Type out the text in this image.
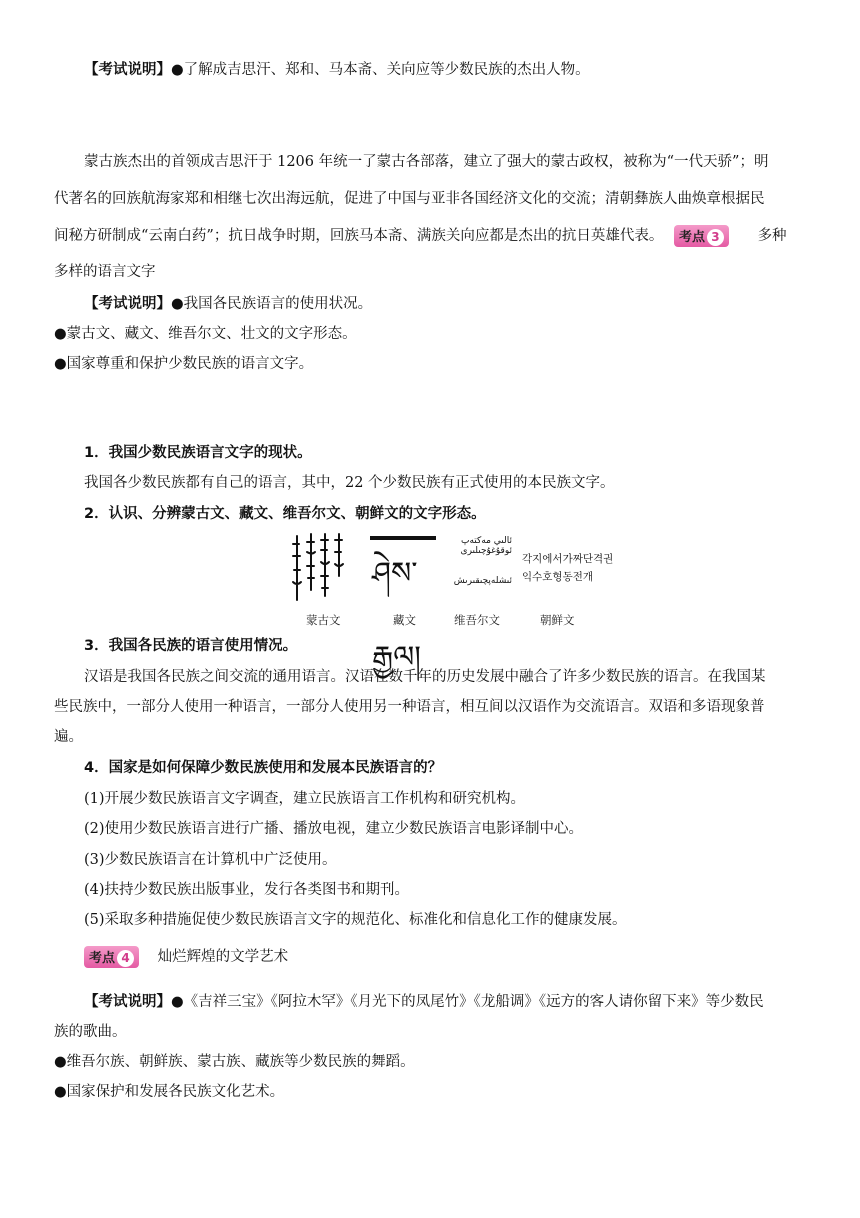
【考试说明】●了解成吉思汗、郑和、马本斋、关向应等少数民族的杰出人物。
蒙古族杰出的首领成吉思汗于 1206 年统一了蒙古各部落，建立了强大的蒙古政权，被称为“一代天骄”；明
代著名的回族航海家郑和相继七次出海远航，促进了中国与亚非各国经济文化的交流；清朝彝族人曲焕章根据民
间秘方研制成“云南白药”；抗日战争时期，回族马本斋、满族关向应都是杰出的抗日英雄代表。 考点 3	多种
多样的语言文字
【考试说明】●我国各民族语言的使用状况。
●蒙古文、藏文、维吾尔文、壮文的文字形态。
●国家尊重和保护少数民族的语言文字。
1．我国少数民族语言文字的现状。
我国各少数民族都有自己的语言，其中，22 个少数民族有正式使用的本民族文字。
2．认识、分辨蒙古文、藏文、维吾尔文、朝鲜文的文字形态。
蒙古文
ཤེས་རྒྱལ།
藏文
ئالىي مەكتەپ ئوقۇغۇچىلىرى
ئىشلەپچىقىرىش
维吾尔文
각지에서가짜단격권
익수호형동전개
朝鲜文
3．我国各民族的语言使用情况。
汉语是我国各民族之间交流的通用语言。汉语在数千年的历史发展中融合了许多少数民族的语言。在我国某
些民族中，一部分人使用一种语言，一部分人使用另一种语言，相互间以汉语作为交流语言。双语和多语现象普
遍。
4．国家是如何保障少数民族使用和发展本民族语言的？
(1)开展少数民族语言文字调查，建立民族语言工作机构和研究机构。
(2)使用少数民族语言进行广播、播放电视，建立少数民族语言电影译制中心。
(3)少数民族语言在计算机中广泛使用。
(4)扶持少数民族出版事业，发行各类图书和期刊。
(5)采取多种措施促使少数民族语言文字的规范化、标准化和信息化工作的健康发展。
考点 4 灿烂辉煌的文学艺术
【考试说明】●《吉祥三宝》《阿拉木罕》《月光下的凤尾竹》《龙船调》《远方的客人请你留下来》等少数民
族的歌曲。
●维吾尔族、朝鲜族、蒙古族、藏族等少数民族的舞蹈。
●国家保护和发展各民族文化艺术。
